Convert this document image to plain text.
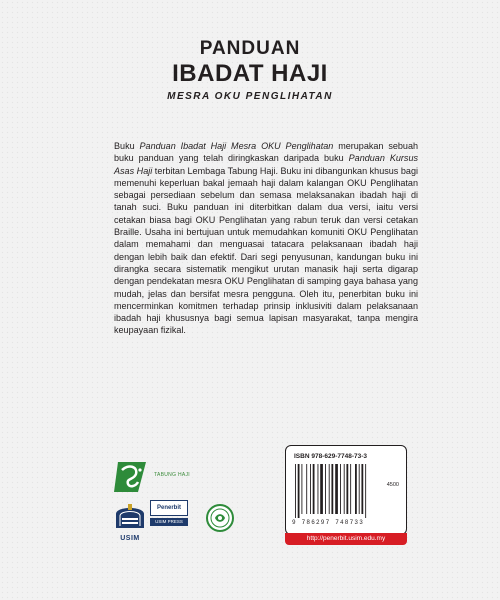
PANDUAN
IBADAT HAJI
MESRA OKU PENGLIHATAN
Buku Panduan Ibadat Haji Mesra OKU Penglihatan merupakan sebuah buku panduan yang telah diringkaskan daripada buku Panduan Kursus Asas Haji terbitan Lembaga Tabung Haji. Buku ini dibangunkan khusus bagi memenuhi keperluan bakal jemaah haji dalam kalangan OKU Penglihatan sebagai persediaan sebelum dan semasa melaksanakan ibadah haji di tanah suci. Buku panduan ini diterbitkan dalam dua versi, iaitu versi cetakan biasa bagi OKU Penglihatan yang rabun teruk dan versi cetakan Braille. Usaha ini bertujuan untuk memudahkan komuniti OKU Penglihatan dalam memahami dan menguasai tatacara pelaksanaan ibadah haji dengan lebih baik dan efektif. Dari segi penyusunan, kandungan buku ini dirangka secara sistematik mengikut urutan manasik haji serta digarap dengan pendekatan mesra OKU Penglihatan di samping gaya bahasa yang mudah, jelas dan bersifat mesra pengguna. Oleh itu, penerbitan buku ini mencerminkan komitmen terhadap prinsip inklusiviti dalam pelaksanaan ibadah haji khususnya bagi semua lapisan masyarakat, tanpa mengira keupayaan fizikal.
TABUNG HAJI
USIM
Penerbit
USIM PRESS
ISBN 978-629-7748-73-3
4500
9 786297 748733
http://penerbit.usim.edu.my
